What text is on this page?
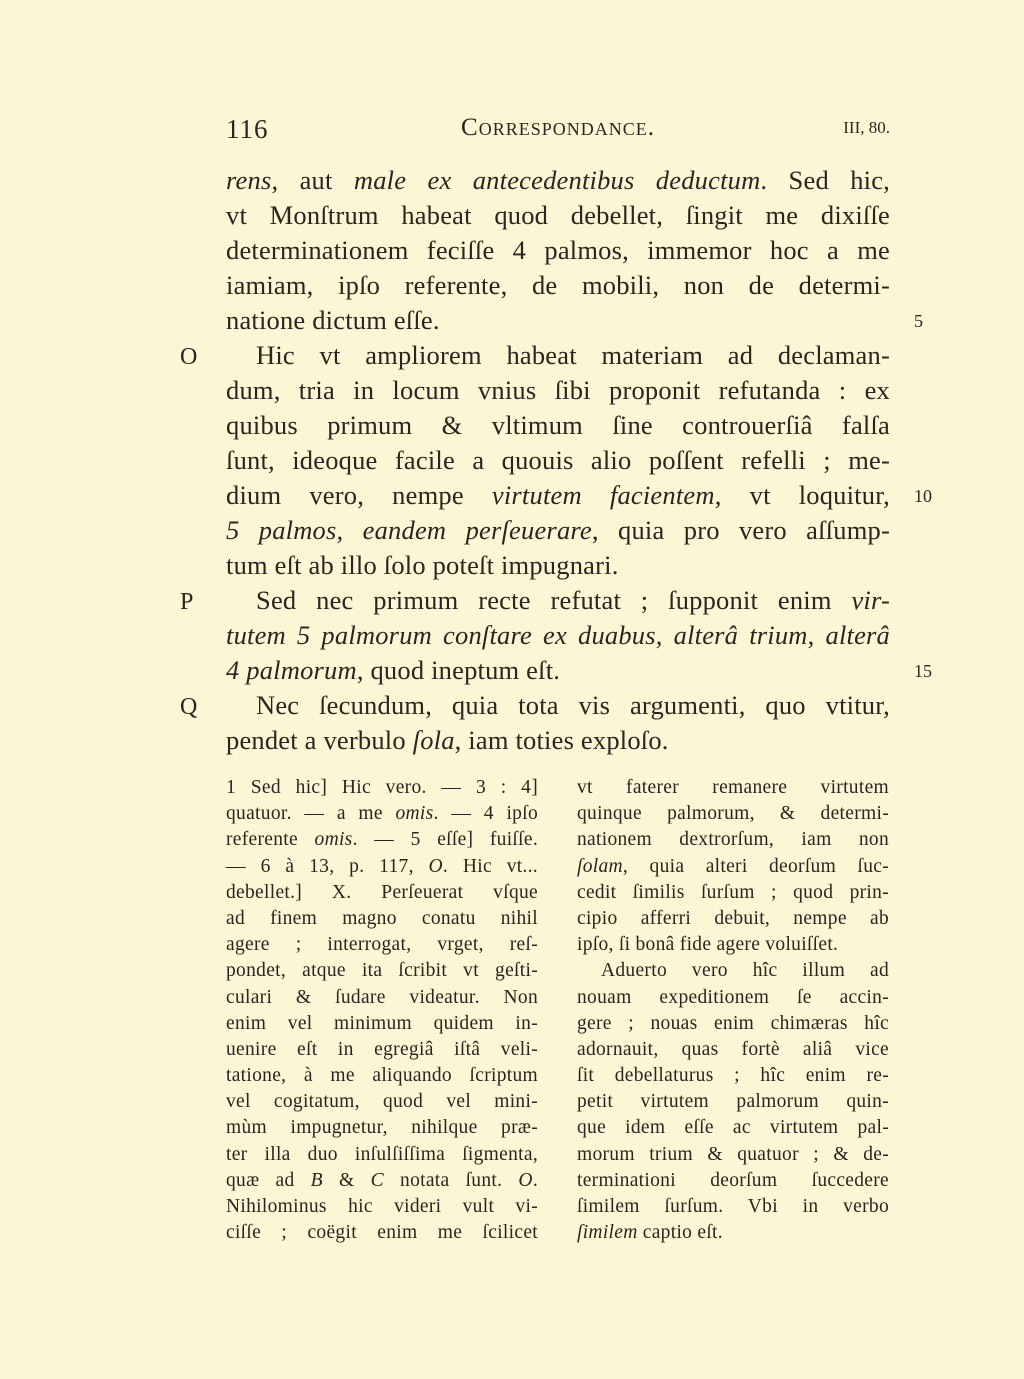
116	Correspondance.	III, 80.
rens, aut male ex antecedentibus deductum. Sed hic,
vt Monſtrum habeat quod debellet, ſingit me dixiſſe
determinationem feciſſe 4 palmos, immemor hoc a me
iamiam, ipſo referente, de mobili, non de determi-
natione dictum eſſe.
Hic vt ampliorem habeat materiam ad declaman-
dum, tria in locum vnius ſibi proponit refutanda : ex
quibus primum & vltimum ſine controuerſiâ falſa
ſunt, ideoque facile a quouis alio poſſent refelli ; me-
dium vero, nempe virtutem facientem, vt loquitur,
5 palmos, eandem perſeuerare, quia pro vero aſſump-
tum eſt ab illo ſolo poteſt impugnari.
Sed nec primum recte refutat ; ſupponit enim vir-
tutem 5 palmorum conſtare ex duabus, alterâ trium, alterâ
4 palmorum, quod ineptum eſt.
Nec ſecundum, quia tota vis argumenti, quo vtitur,
pendet a verbulo ſola, iam toties exploſo.
O
P
Q
5
10
15
1 Sed hic] Hic vero. — 3 : 4]
quatuor. — a me omis. — 4 ipſo
referente omis. — 5 eſſe] fuiſſe.
— 6 à 13, p. 117, O. Hic vt...
debellet.] X. Perſeuerat vſque
ad finem magno conatu nihil
agere ; interrogat, vrget, reſ-
pondet, atque ita ſcribit vt geſti-
culari & ſudare videatur. Non
enim vel minimum quidem in-
uenire eſt in egregiâ iſtâ veli-
tatione, à me aliquando ſcriptum
vel cogitatum, quod vel mini-
mùm impugnetur, nihilque præ-
ter illa duo inſulſiſſima ſigmenta,
quæ ad B & C notata ſunt. O.
Nihilominus hic videri vult vi-
ciſſe ; coëgit enim me ſcilicet
vt faterer remanere virtutem
quinque palmorum, & determi-
nationem dextrorſum, iam non
ſolam, quia alteri deorſum ſuc-
cedit ſimilis ſurſum ; quod prin-
cipio afferri debuit, nempe ab
ipſo, ſi bonâ fide agere voluiſſet.
Aduerto vero hîc illum ad
nouam expeditionem ſe accin-
gere ; nouas enim chimæras hîc
adornauit, quas fortè aliâ vice
ſit debellaturus ; hîc enim re-
petit virtutem palmorum quin-
que idem eſſe ac virtutem pal-
morum trium & quatuor ; & de-
terminationi deorſum ſuccedere
ſimilem ſurſum. Vbi in verbo
ſimilem captio eſt.
